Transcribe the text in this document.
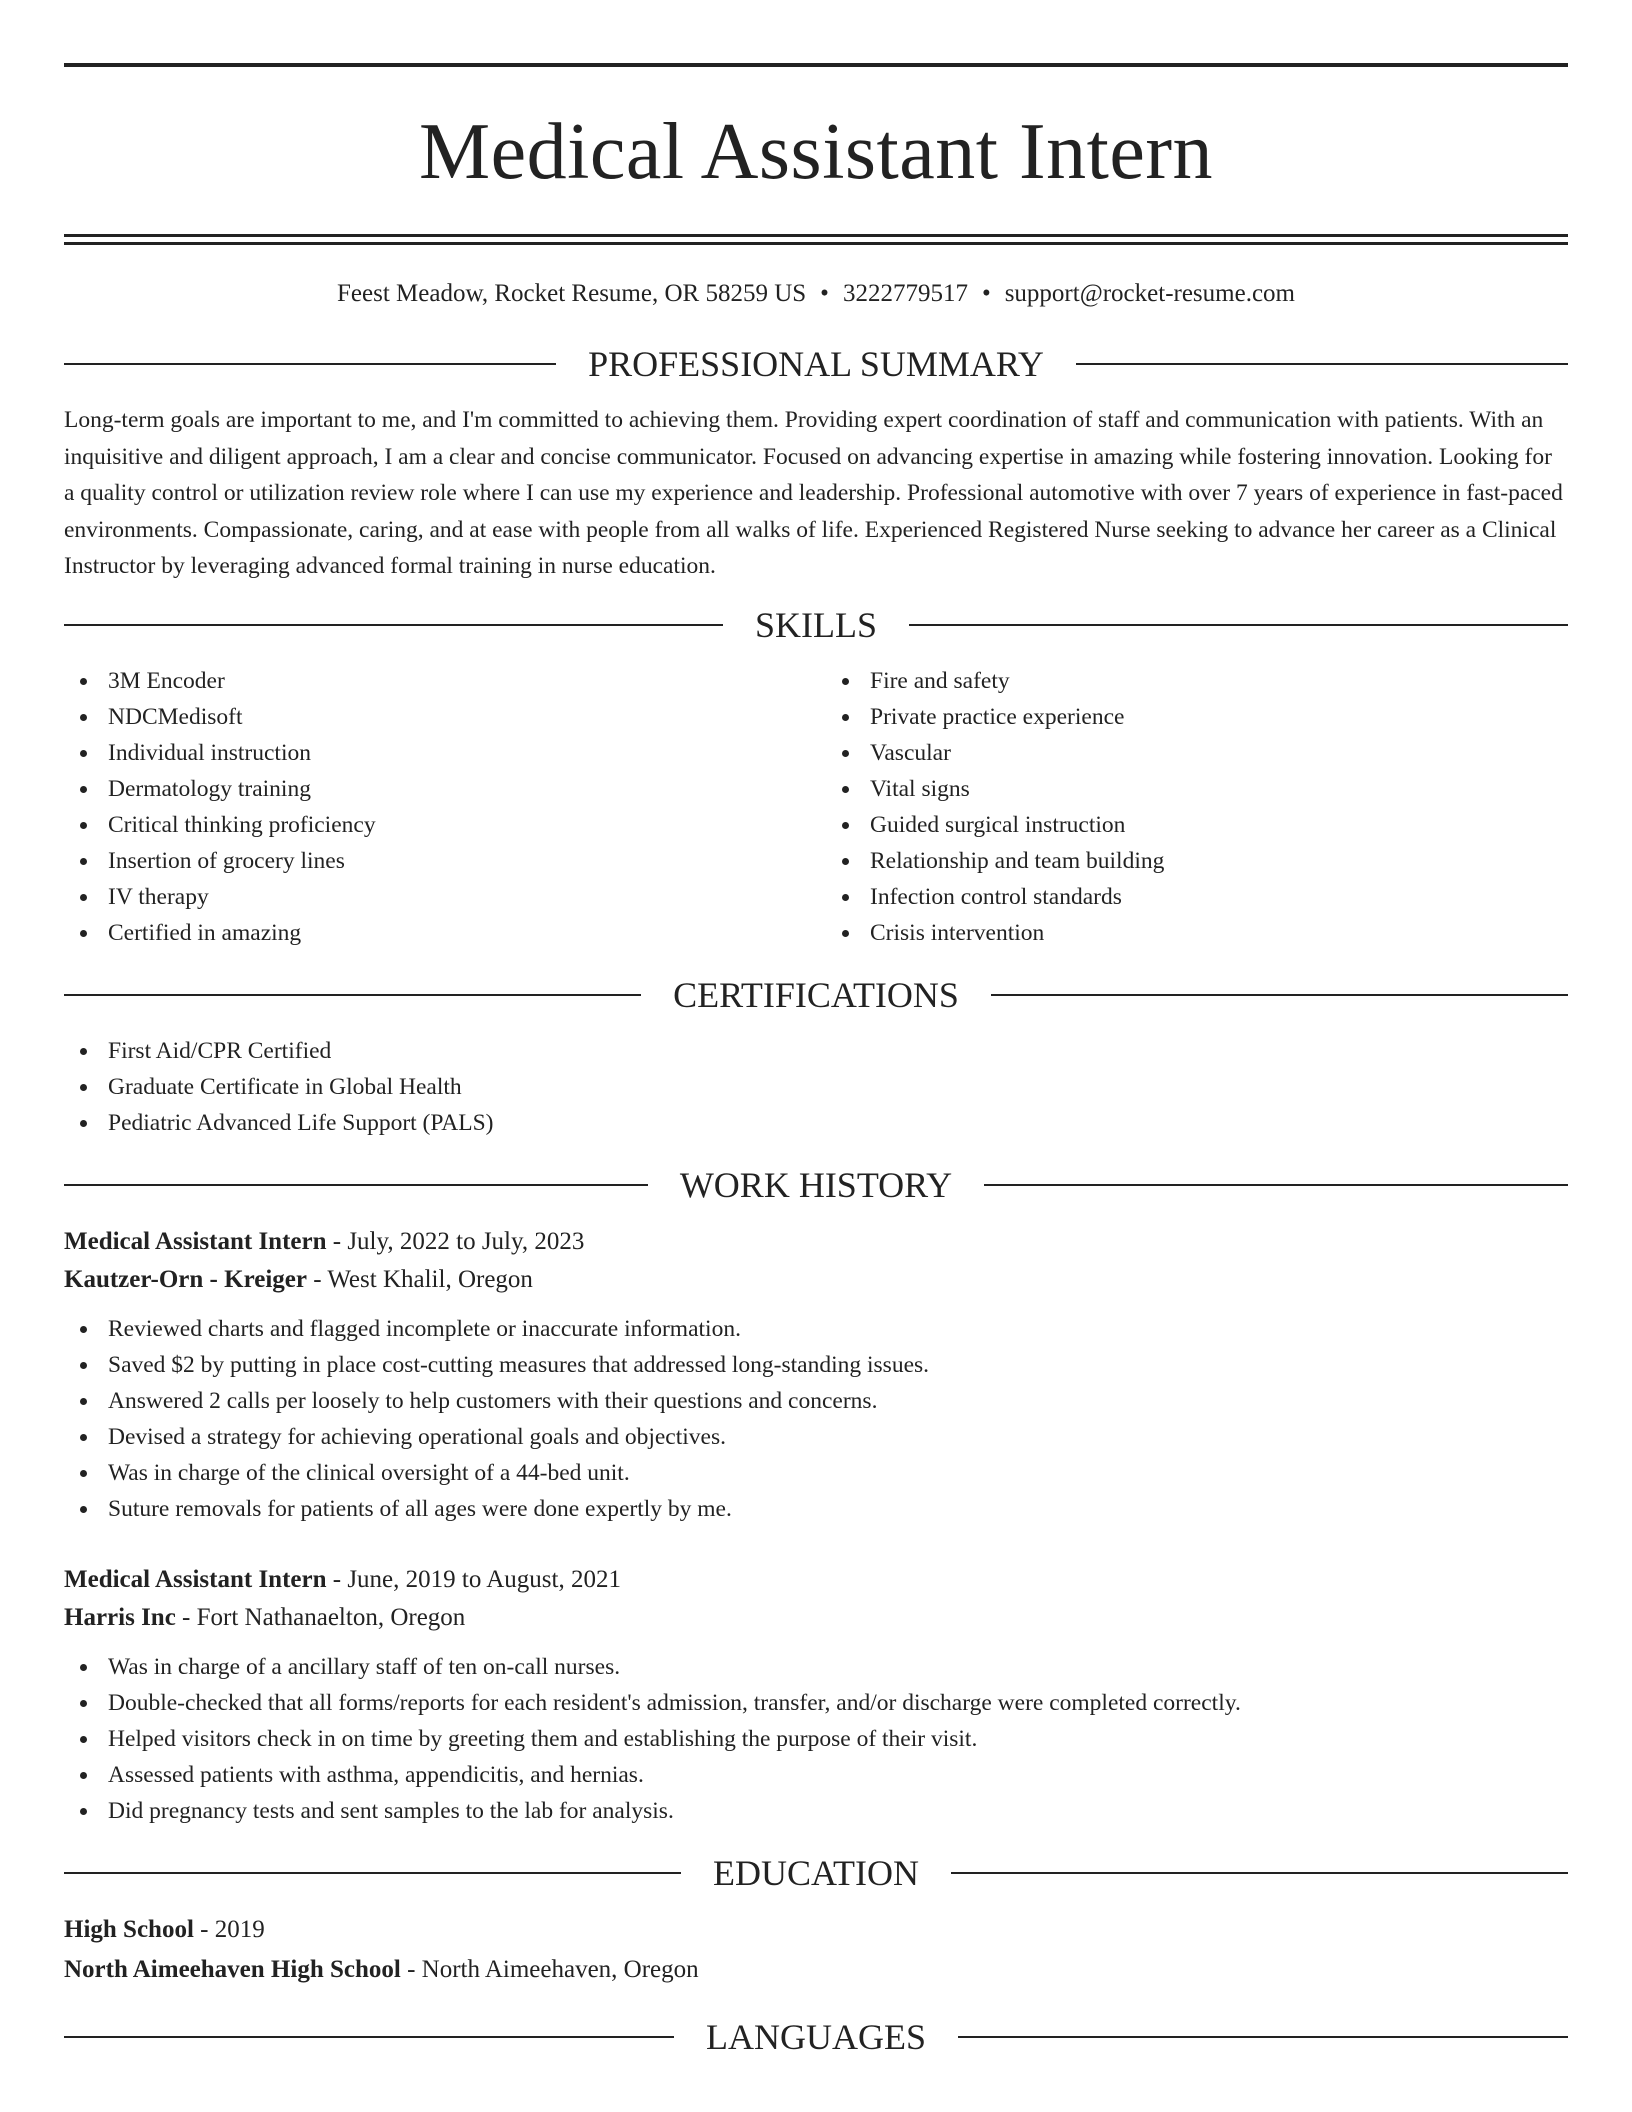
Medical Assistant Intern
Feest Meadow, Rocket Resume, OR 58259 US • 3222779517 • support@rocket-resume.com
PROFESSIONAL SUMMARY

Long-term goals are important to me, and I'm committed to achieving them. Providing expert coordination of staff and communication with patients. With an inquisitive and diligent approach, I am a clear and concise communicator. Focused on advancing expertise in amazing while fostering innovation. Looking for a quality control or utilization review role where I can use my experience and leadership. Professional automotive with over 7 years of experience in fast-paced environments. Compassionate, caring, and at ease with people from all walks of life. Experienced Registered Nurse seeking to advance her career as a Clinical Instructor by leveraging advanced formal training in nurse education.

SKILLS
3M Encoder
NDCMedisoft
Individual instruction
Dermatology training
Critical thinking proficiency
Insertion of grocery lines
IV therapy
Certified in amazing
Fire and safety
Private practice experience
Vascular
Vital signs
Guided surgical instruction
Relationship and team building
Infection control standards
Crisis intervention
CERTIFICATIONS
First Aid/CPR Certified
Graduate Certificate in Global Health
Pediatric Advanced Life Support (PALS)
WORK HISTORY
Medical Assistant Intern - July, 2022 to July, 2023
Kautzer-Orn - Kreiger - West Khalil, Oregon
Reviewed charts and flagged incomplete or inaccurate information.
Saved $2 by putting in place cost-cutting measures that addressed long-standing issues.
Answered 2 calls per loosely to help customers with their questions and concerns.
Devised a strategy for achieving operational goals and objectives.
Was in charge of the clinical oversight of a 44-bed unit.
Suture removals for patients of all ages were done expertly by me.
Medical Assistant Intern - June, 2019 to August, 2021
Harris Inc - Fort Nathanaelton, Oregon
Was in charge of a ancillary staff of ten on-call nurses.
Double-checked that all forms/reports for each resident's admission, transfer, and/or discharge were completed correctly.
Helped visitors check in on time by greeting them and establishing the purpose of their visit.
Assessed patients with asthma, appendicitis, and hernias.
Did pregnancy tests and sent samples to the lab for analysis.
EDUCATION
High School - 2019
North Aimeehaven High School - North Aimeehaven, Oregon
LANGUAGES
